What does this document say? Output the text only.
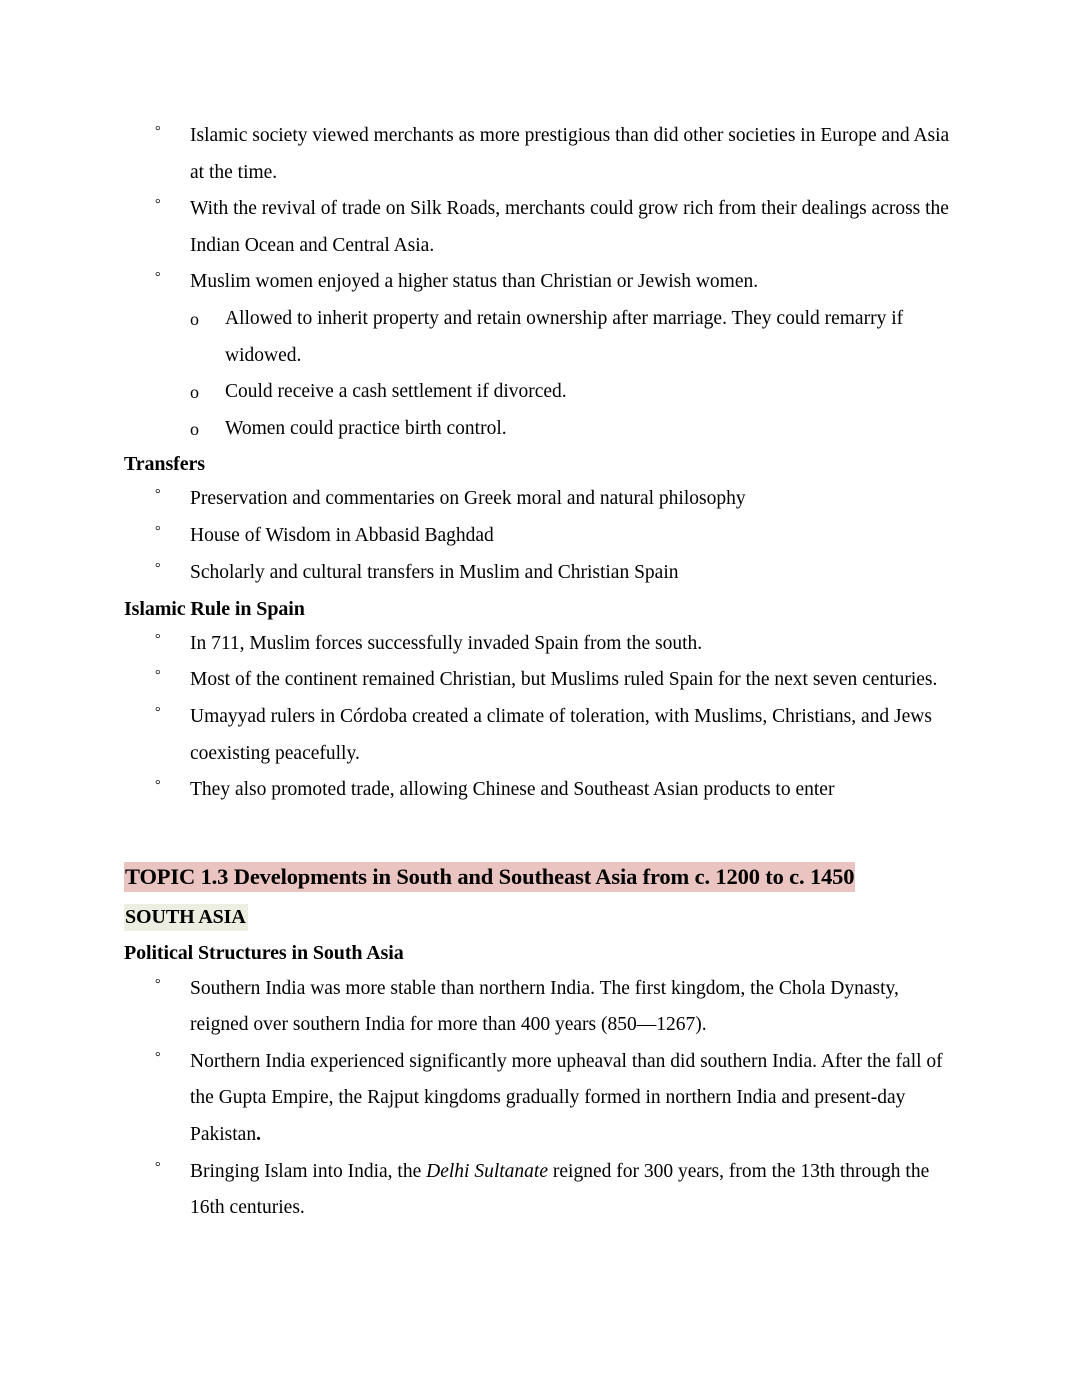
° Islamic society viewed merchants as more prestigious than did other societies in Europe and Asia at the time.
° With the revival of trade on Silk Roads, merchants could grow rich from their dealings across the Indian Ocean and Central Asia.
° Muslim women enjoyed a higher status than Christian or Jewish women.
o Allowed to inherit property and retain ownership after marriage. They could remarry if widowed.
o Could receive a cash settlement if divorced.
o Women could practice birth control.

Transfers

° Preservation and commentaries on Greek moral and natural philosophy
° House of Wisdom in Abbasid Baghdad
° Scholarly and cultural transfers in Muslim and Christian Spain

Islamic Rule in Spain

° In 711, Muslim forces successfully invaded Spain from the south.
° Most of the continent remained Christian, but Muslims ruled Spain for the next seven centuries.
° Umayyad rulers in Córdoba created a climate of toleration, with Muslims, Christians, and Jews coexisting peacefully.
° They also promoted trade, allowing Chinese and Southeast Asian products to enter

TOPIC 1.3 Developments in South and Southeast Asia from c. 1200 to c. 1450

SOUTH ASIA

Political Structures in South Asia

° Southern India was more stable than northern India. The first kingdom, the Chola Dynasty, reigned over southern India for more than 400 years (850—1267).
° Northern India experienced significantly more upheaval than did southern India. After the fall of the Gupta Empire, the Rajput kingdoms gradually formed in northern India and present-day Pakistan.
° Bringing Islam into India, the Delhi Sultanate reigned for 300 years, from the 13th through the 16th centuries.
